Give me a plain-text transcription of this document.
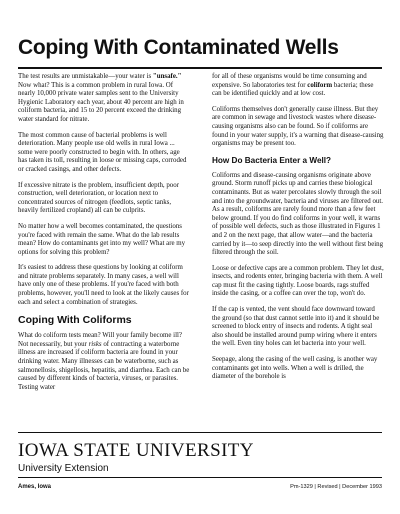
Coping With Contaminated Wells

The test results are unmistakable—your water is "unsafe." Now what? This is a common problem in rural Iowa. Of nearly 10,000 private water samples sent to the University Hygienic Laboratory each year, about 40 percent are high in coliform bacteria, and 15 to 20 percent exceed the drinking water standard for nitrate.

The most common cause of bacterial problems is well deterioration. Many people use old wells in rural Iowa ... some were poorly constructed to begin with. In others, age has taken its toll, resulting in loose or missing caps, corroded or cracked casings, and other defects.

If excessive nitrate is the problem, insufficient depth, poor construction, well deterioration, or location next to concentrated sources of nitrogen (feedlots, septic tanks, heavily fertilized cropland) all can be culprits.

No matter how a well becomes contaminated, the questions you're faced with remain the same. What do the lab results mean? How do contaminants get into my well? What are my options for solving this problem?

It's easiest to address these questions by looking at coliform and nitrate problems separately. In many cases, a well will have only one of these problems. If you're faced with both problems, however, you'll need to look at the likely causes for each and select a combination of strategies.

Coping With Coliforms

What do coliform tests mean? Will your family become ill? Not necessarily, but your risks of contracting a waterborne illness are increased if coliform bacteria are found in your drinking water. Many illnesses can be waterborne, such as salmonellosis, shigellosis, hepatitis, and diarrhea. Each can be caused by different kinds of bacteria, viruses, or parasites. Testing water

for all of these organisms would be time consuming and expensive. So laboratories test for coliform bacteria; these can be identified quickly and at low cost.

Coliforms themselves don't generally cause illness. But they are common in sewage and livestock wastes where disease-causing organisms also can be found. So if coliforms are found in your water supply, it's a warning that disease-causing organisms may be present too.

How Do Bacteria Enter a Well?

Coliforms and disease-causing organisms originate above ground. Storm runoff picks up and carries these biological contaminants. But as water percolates slowly through the soil and into the groundwater, bacteria and viruses are filtered out. As a result, coliforms are rarely found more than a few feet below ground. If you do find coliforms in your well, it warns of possible well defects, such as those illustrated in Figures 1 and 2 on the next page, that allow water—and the bacteria carried by it—to seep directly into the well without first being filtered through the soil.

Loose or defective caps are a common problem. They let dust, insects, and rodents enter, bringing bacteria with them. A well cap must fit the casing tightly. Loose boards, rags stuffed inside the casing, or a coffee can over the top, won't do.

If the cap is vented, the vent should face downward toward the ground (so that dust cannot settle into it) and it should be screened to block entry of insects and rodents. A tight seal also should be installed around pump wiring where it enters the well. Even tiny holes can let bacteria into your well.

Seepage, along the casing of the well casing, is another way contaminants get into wells. When a well is drilled, the diameter of the borehole is

IOWA STATE UNIVERSITY
University Extension
Ames, Iowa	Pm-1329 | Revised | December 1993
